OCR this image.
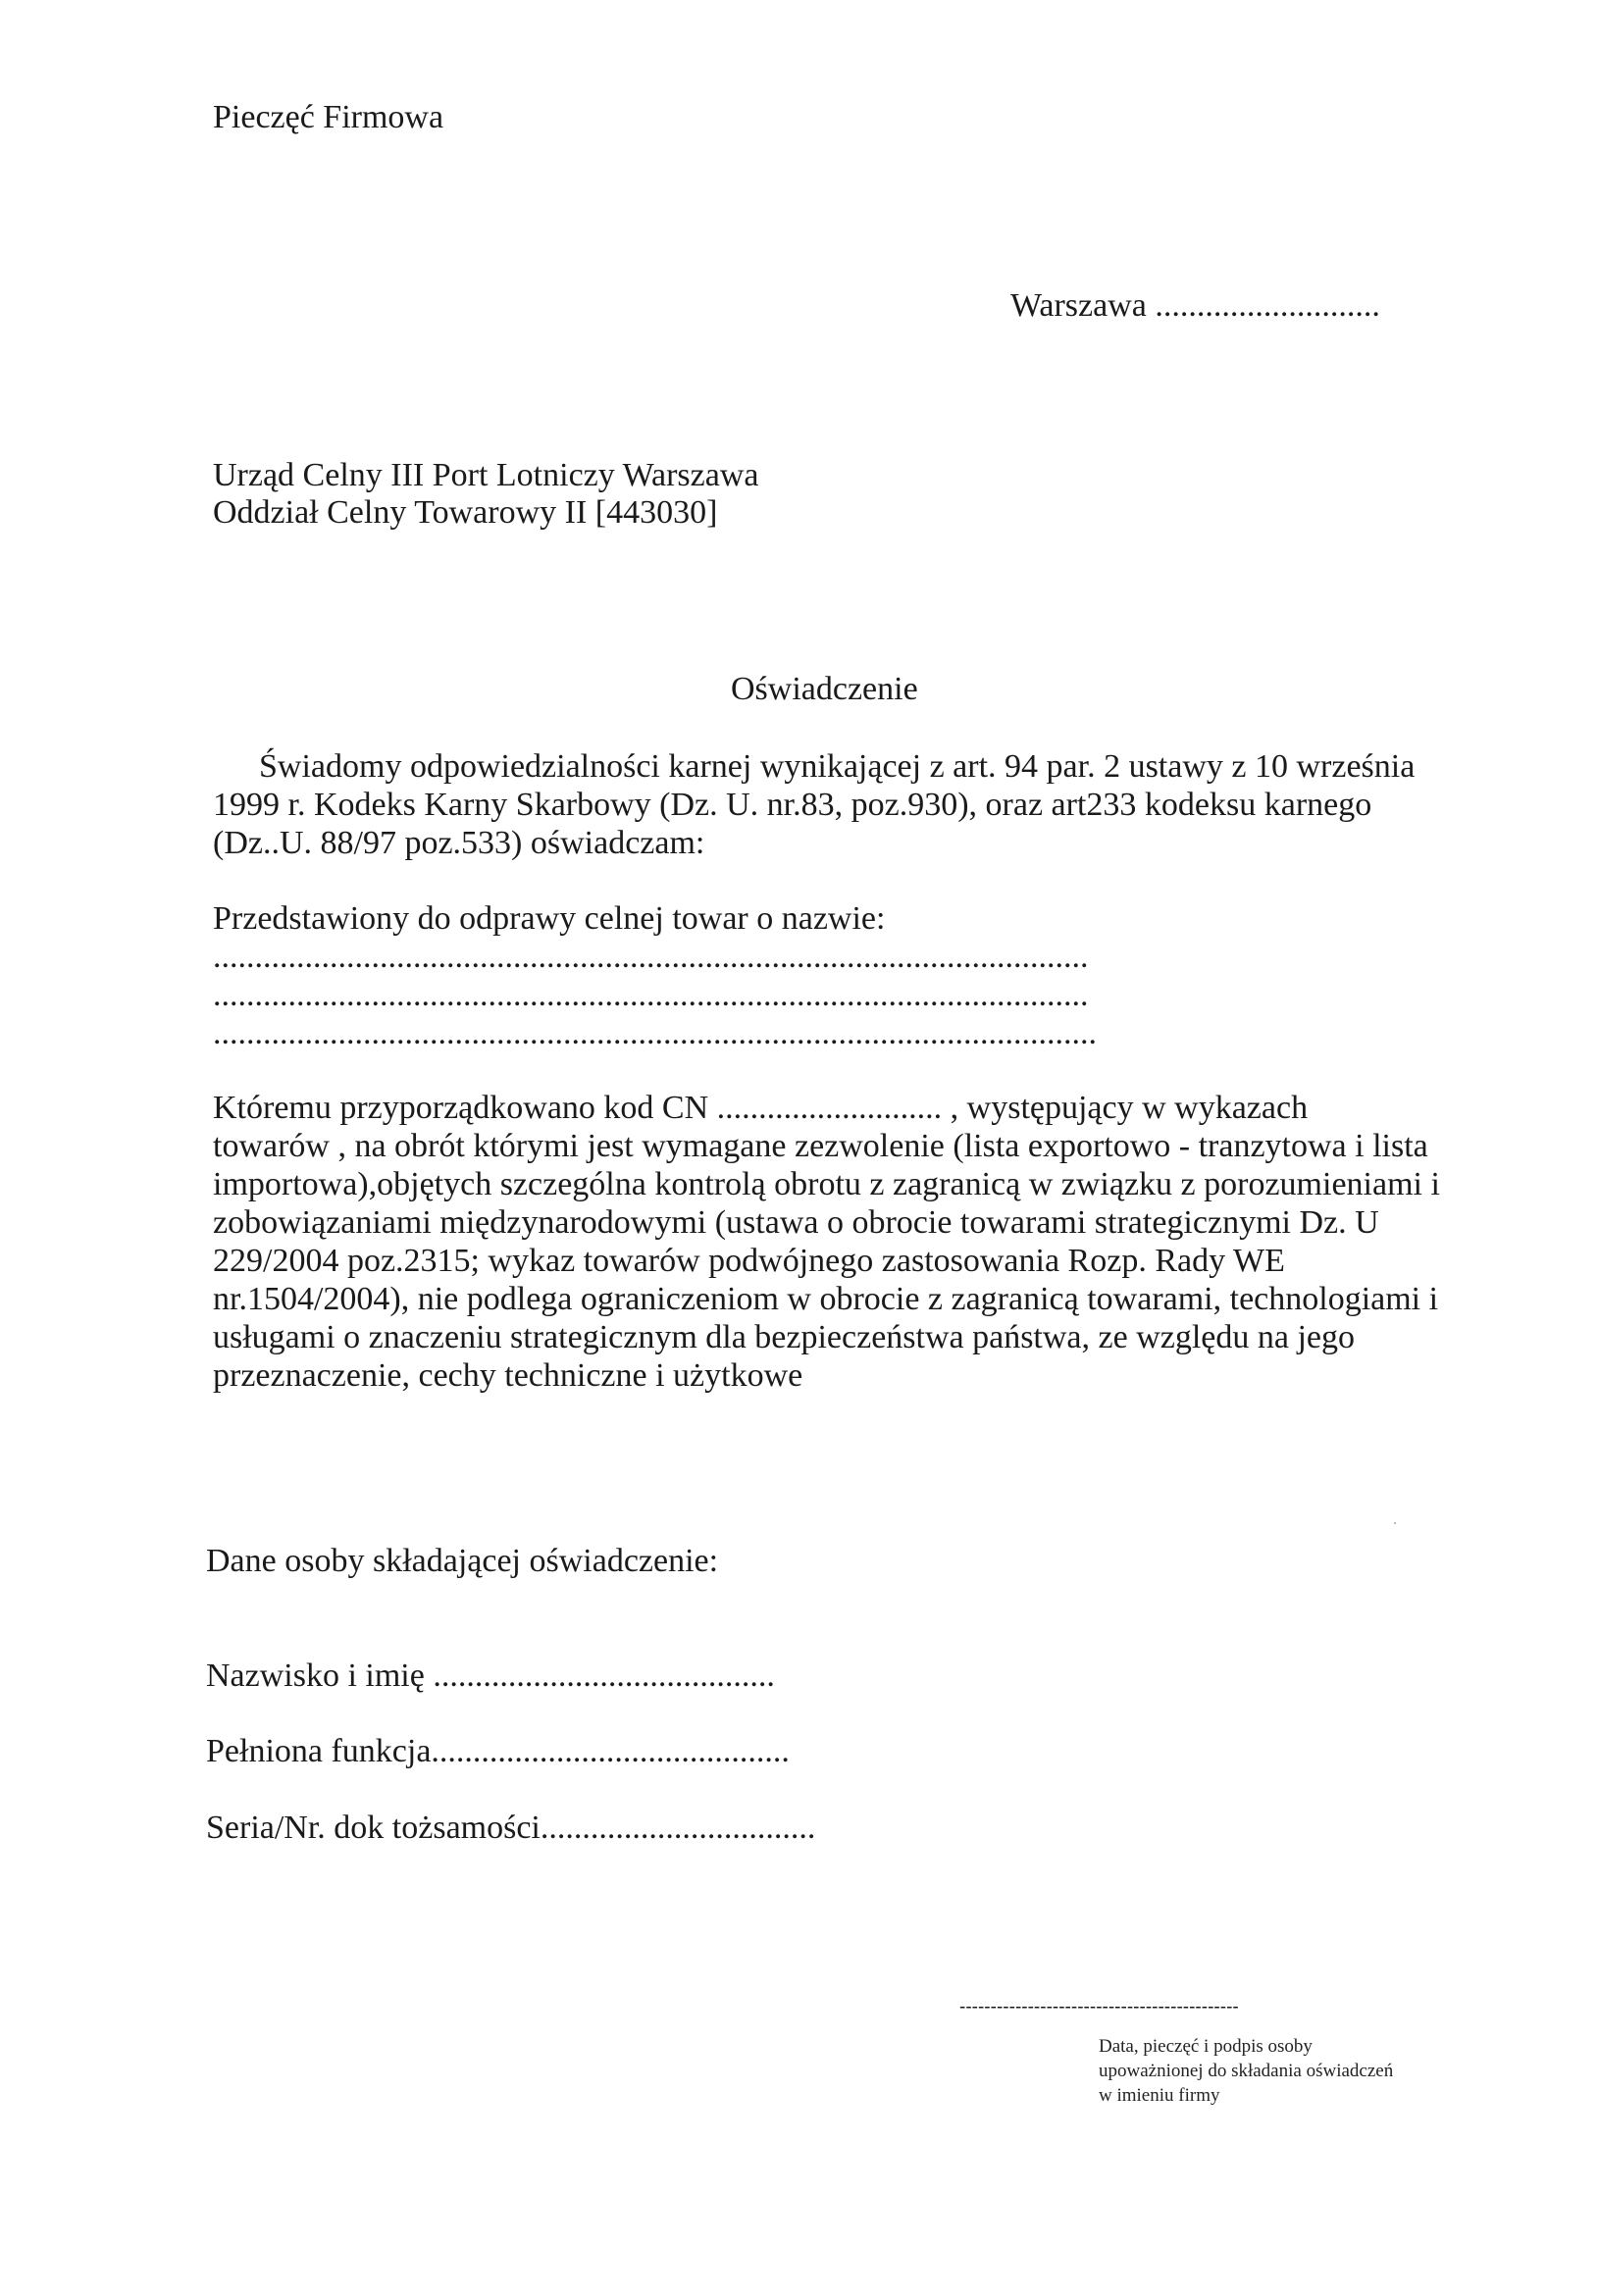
Pieczęć Firmowa

Warszawa ...........................

Urząd Celny III Port Lotniczy Warszawa

Oddział Celny Towarowy II [443030]

Oświadczenie

Świadomy odpowiedzialności karnej wynikającej z art. 94 par. 2 ustawy z 10 września

1999 r. Kodeks Karny Skarbowy (Dz. U. nr.83, poz.930), oraz art233 kodeksu karnego

(Dz..U. 88/97 poz.533) oświadczam:

Przedstawiony do odprawy celnej towar o nazwie:

.........................................................................................................

.........................................................................................................

..........................................................................................................

Któremu przyporządkowano kod CN ........................... , występujący w wykazach
towarów , na obrót którymi jest wymagane zezwolenie (lista exportowo - tranzytowa i lista
importowa),objętych szczególna kontrolą obrotu z zagranicą w związku z porozumieniami i
zobowiązaniami międzynarodowymi (ustawa o obrocie towarami strategicznymi Dz. U
229/2004 poz.2315; wykaz towarów podwójnego zastosowania Rozp. Rady WE
nr.1504/2004), nie podlega ograniczeniom w obrocie z zagranicą towarami, technologiami i
usługami o znaczeniu strategicznym dla bezpieczeństwa państwa, ze względu na jego
przeznaczenie, cechy techniczne i użytkowe

Dane osoby składającej oświadczenie:

Nazwisko i imię .........................................

Pełniona funkcja...........................................

Seria/Nr. dok tożsamości.................................

---------------------------------------------
Data, pieczęć i podpis osoby
upoważnionej do składania oświadczeń
w imieniu firmy
